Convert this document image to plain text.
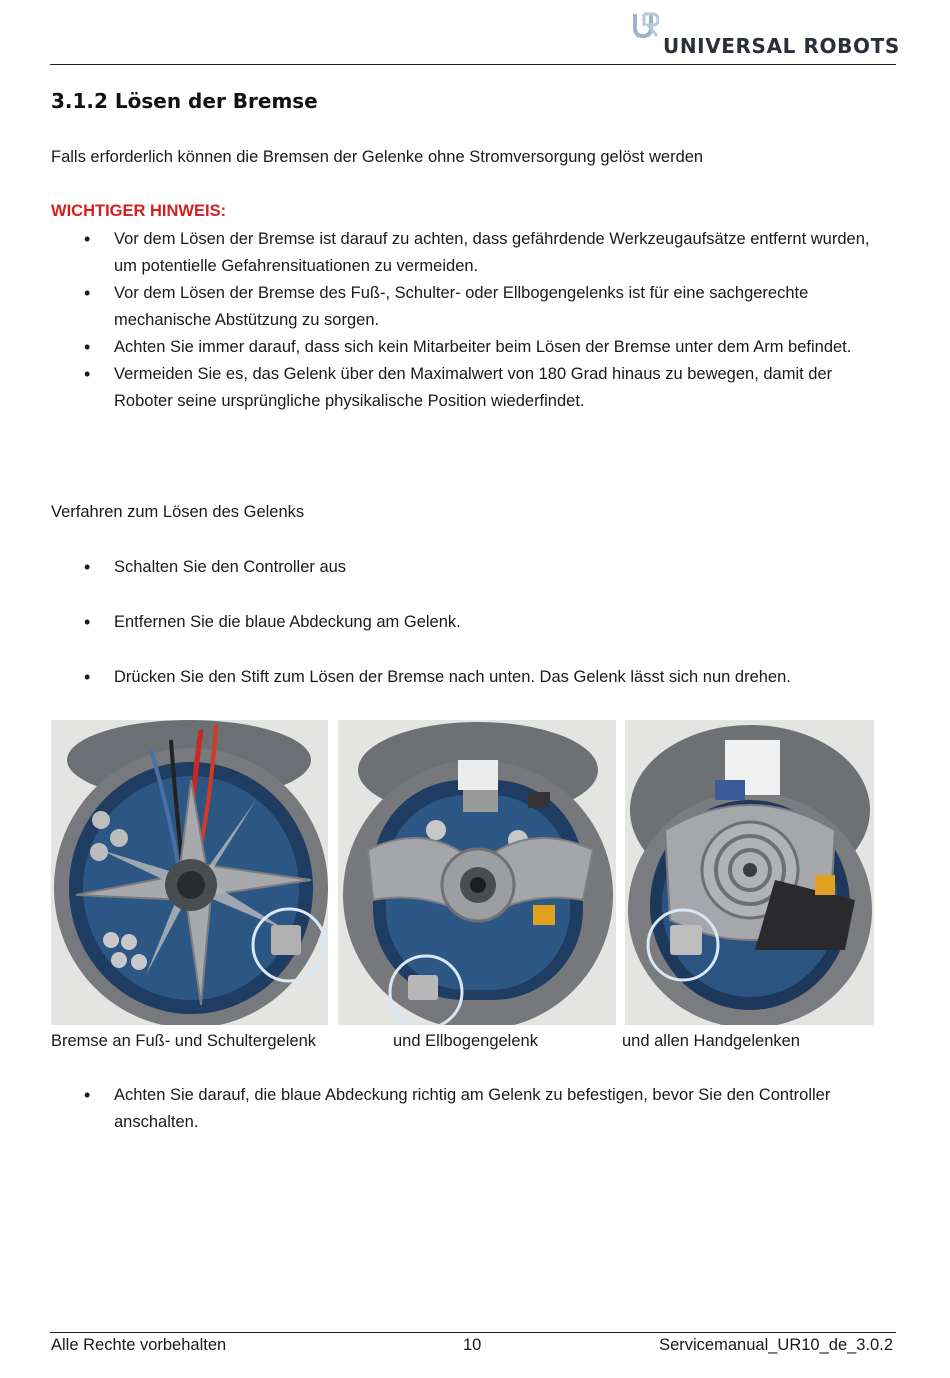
UNIVERSAL ROBOTS
3.1.2 Lösen der Bremse
Falls erforderlich können die Bremsen der Gelenke ohne Stromversorgung gelöst werden
WICHTIGER HINWEIS:
• Vor dem Lösen der Bremse ist darauf zu achten, dass gefährdende Werkzeugaufsätze entfernt wurden, um potentielle Gefahrensituationen zu vermeiden.
• Vor dem Lösen der Bremse des Fuß-, Schulter- oder Ellbogengelenks ist für eine sachgerechte mechanische Abstützung zu sorgen.
• Achten Sie immer darauf, dass sich kein Mitarbeiter beim Lösen der Bremse unter dem Arm befindet.
• Vermeiden Sie es, das Gelenk über den Maximalwert von 180 Grad hinaus zu bewegen, damit der Roboter seine ursprüngliche physikalische Position wiederfindet.
Verfahren zum Lösen des Gelenks
• Schalten Sie den Controller aus
• Entfernen Sie die blaue Abdeckung am Gelenk.
• Drücken Sie den Stift zum Lösen der Bremse nach unten. Das Gelenk lässt sich nun drehen.
Bremse an Fuß- und Schultergelenk	und Ellbogengelenk	und allen Handgelenken
• Achten Sie darauf, die blaue Abdeckung richtig am Gelenk zu befestigen, bevor Sie den Controller anschalten.
Alle Rechte vorbehalten	10	Servicemanual_UR10_de_3.0.2
